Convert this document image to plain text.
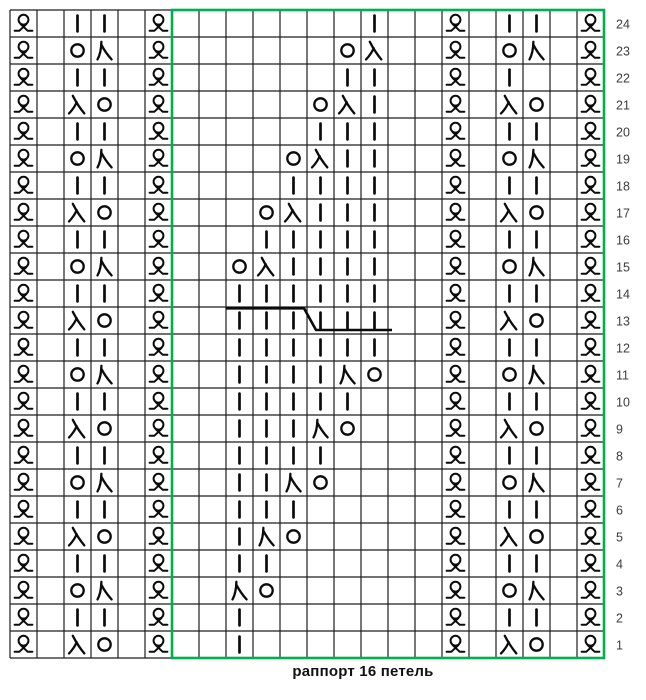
24
23
22
21
20
19
18
17
16
15
14
13
12
11
10
9
8
7
6
5
4
3
2
1
раппорт 16 петель
